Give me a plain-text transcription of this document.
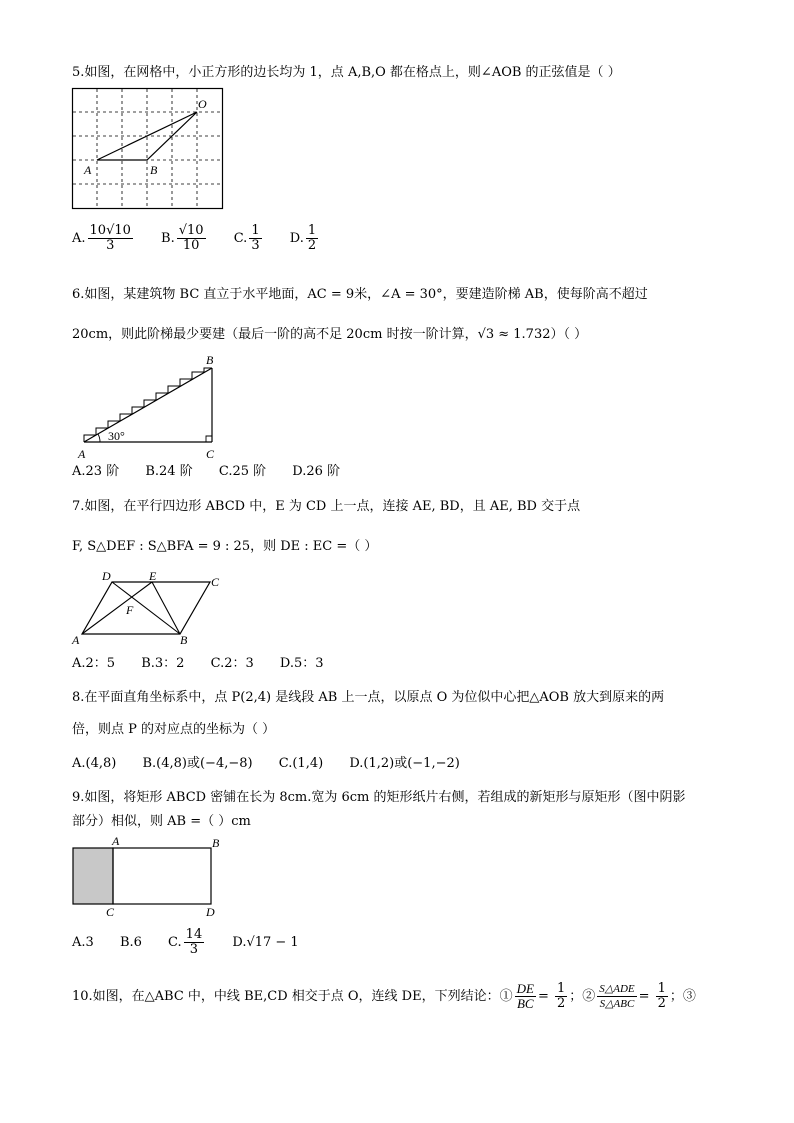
5.如图，在网格中，小正方形的边长均为 1，点 A,B,O 都在格点上，则∠AOB 的正弦值是（ ）
O
A	B
A. $\frac{10√10}{3} B$. $\frac{√10}{10} C$. $\frac{1}{3} D$. $\frac{1}{2}$
6.如图，某建筑物 BC 直立于水平地面，AC = 9米，∠A = 30°，要建造阶梯 AB，使每阶高不超过
20cm，则此阶梯最少要建（最后一阶的高不足 20cm 时按一阶计算，√3 ≈ 1.732）（ ）
30°
B
A	C
A.23 阶 B.24 阶 C.25 阶 D.26 阶
7.如图，在平行四边形 ABCD 中，E 为 CD 上一点，连接 AE, BD，且 AE, BD 交于点
F, S△DEF : S△BFA = 9 : 25，则 DE : EC =（ ）
D	E	C
F
A	B
A.2：5 B.3：2 C.2：3 D.5：3
8.在平面直角坐标系中，点 P(2,4) 是线段 AB 上一点，以原点 O 为位似中心把△AOB 放大到原来的两
倍，则点 P 的对应点的坐标为（ ）
A.(4,8) B.(4,8)或(−4,−8) C.(1,4) D.(1,2)或(−1,−2)
9.如图，将矩形 ABCD 密铺在长为 8cm.宽为 6cm 的矩形纸片右侧，若组成的新矩形与原矩形（图中阴影
部分）相似，则 AB =（ ）cm
A	B
C	D
A.3 B.6 C. $\frac{14}{3} D.√17 - 1$
10.如图，在△ABC 中，中线 BE,CD 相交于点 O，连线 DE，下列结论：① $\frac{DE}{BC} = \frac{1}{2}$ ；② $\frac{\text{S△ADE}}{\text{S△ABC}} = \frac{1}{2}$ ；③
